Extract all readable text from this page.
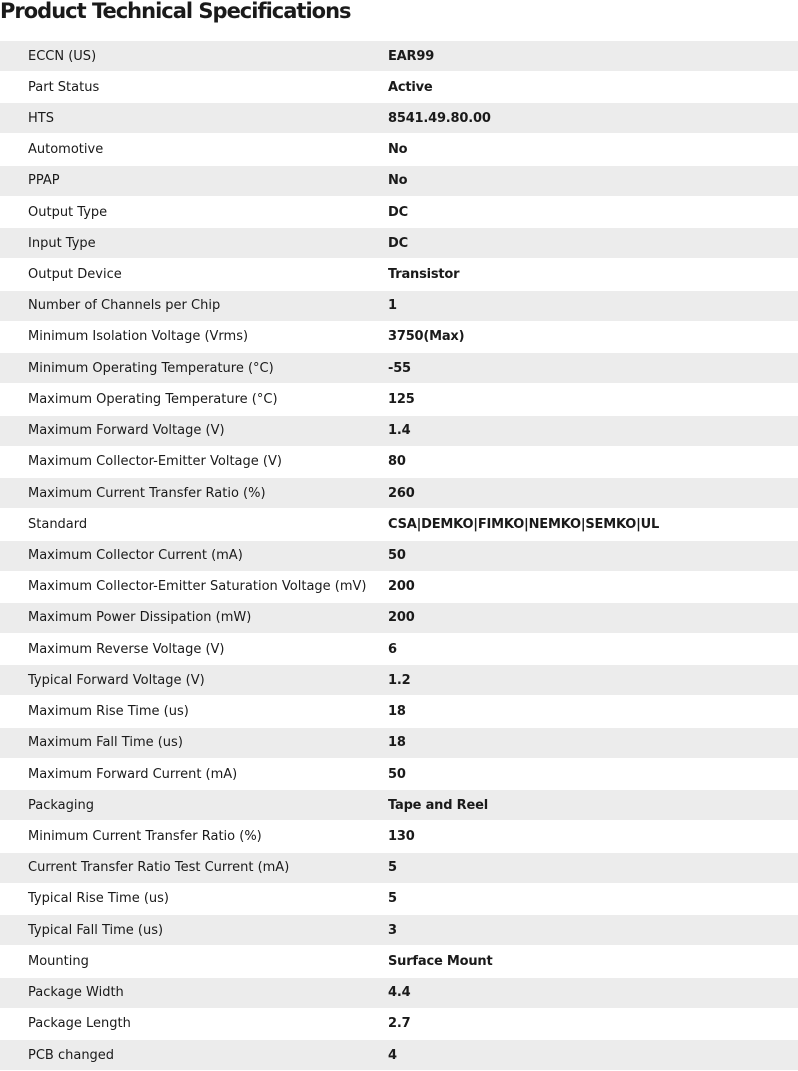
Product Technical Specifications
ECCN (US)	EAR99
Part Status	Active
HTS	8541.49.80.00
Automotive	No
PPAP	No
Output Type	DC
Input Type	DC
Output Device	Transistor
Number of Channels per Chip	1
Minimum Isolation Voltage (Vrms)	3750(Max)
Minimum Operating Temperature (°C)	-55
Maximum Operating Temperature (°C)	125
Maximum Forward Voltage (V)	1.4
Maximum Collector-Emitter Voltage (V)	80
Maximum Current Transfer Ratio (%)	260
Standard	CSA|DEMKO|FIMKO|NEMKO|SEMKO|UL
Maximum Collector Current (mA)	50
Maximum Collector-Emitter Saturation Voltage (mV)	200
Maximum Power Dissipation (mW)	200
Maximum Reverse Voltage (V)	6
Typical Forward Voltage (V)	1.2
Maximum Rise Time (us)	18
Maximum Fall Time (us)	18
Maximum Forward Current (mA)	50
Packaging	Tape and Reel
Minimum Current Transfer Ratio (%)	130
Current Transfer Ratio Test Current (mA)	5
Typical Rise Time (us)	5
Typical Fall Time (us)	3
Mounting	Surface Mount
Package Width	4.4
Package Length	2.7
PCB changed	4
